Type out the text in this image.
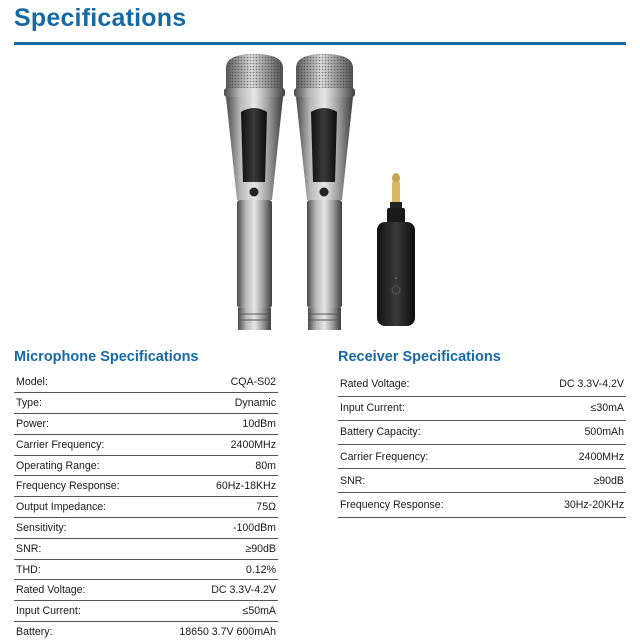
Specifications
Microphone Specifications
Model:	CQA-S02
Type:	Dynamic
Power:	10dBm
Carrier Frequency:	2400MHz
Operating Range:	80m
Frequency Response:	60Hz-18KHz
Output Impedance:	75Ω
Sensitivity:	-100dBm
SNR:	≥90dB
THD:	0.12%
Rated Voltage:	DC 3.3V-4.2V
Input Current:	≤50mA
Battery:	18650 3.7V 600mAh
Receiver Specifications
Rated Voltage:	DC 3.3V-4.2V
Input Current:	≤30mA
Battery Capacity:	500mAh
Carrier Frequency:	2400MHz
SNR:	≥90dB
Frequency Response:	30Hz-20KHz
